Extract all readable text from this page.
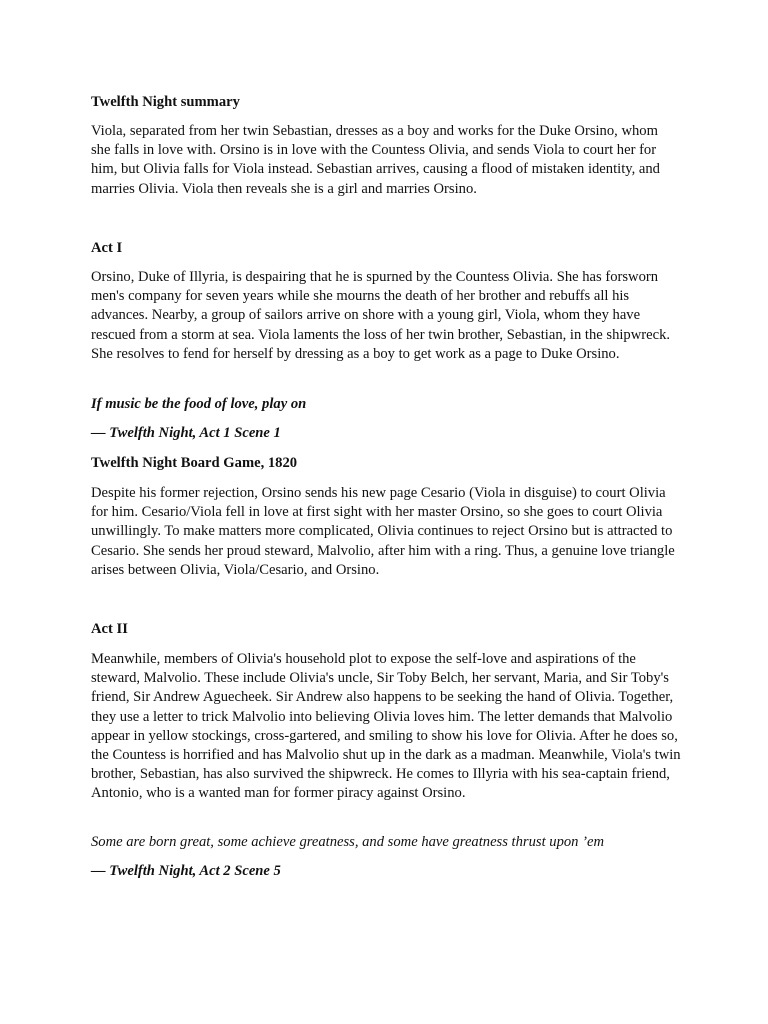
Twelfth Night summary

Viola, separated from her twin Sebastian, dresses as a boy and works for the Duke Orsino, whom she falls in love with. Orsino is in love with the Countess Olivia, and sends Viola to court her for him, but Olivia falls for Viola instead. Sebastian arrives, causing a flood of mistaken identity, and marries Olivia. Viola then reveals she is a girl and marries Orsino.

Act I

Orsino, Duke of Illyria, is despairing that he is spurned by the Countess Olivia. She has forsworn men's company for seven years while she mourns the death of her brother and rebuffs all his advances. Nearby, a group of sailors arrive on shore with a young girl, Viola, whom they have rescued from a storm at sea. Viola laments the loss of her twin brother, Sebastian, in the shipwreck. She resolves to fend for herself by dressing as a boy to get work as a page to Duke Orsino.

If music be the food of love, play on

— Twelfth Night, Act 1 Scene 1

Twelfth Night Board Game, 1820

Despite his former rejection, Orsino sends his new page Cesario (Viola in disguise) to court Olivia for him. Cesario/Viola fell in love at first sight with her master Orsino, so she goes to court Olivia unwillingly. To make matters more complicated, Olivia continues to reject Orsino but is attracted to Cesario. She sends her proud steward, Malvolio, after him with a ring. Thus, a genuine love triangle arises between Olivia, Viola/Cesario, and Orsino.

Act II

Meanwhile, members of Olivia's household plot to expose the self-love and aspirations of the steward, Malvolio. These include Olivia's uncle, Sir Toby Belch, her servant, Maria, and Sir Toby's friend, Sir Andrew Aguecheek. Sir Andrew also happens to be seeking the hand of Olivia. Together, they use a letter to trick Malvolio into believing Olivia loves him. The letter demands that Malvolio appear in yellow stockings, cross-gartered, and smiling to show his love for Olivia. After he does so, the Countess is horrified and has Malvolio shut up in the dark as a madman. Meanwhile, Viola's twin brother, Sebastian, has also survived the shipwreck. He comes to Illyria with his sea-captain friend, Antonio, who is a wanted man for former piracy against Orsino.

Some are born great, some achieve greatness, and some have greatness thrust upon ’em

— Twelfth Night, Act 2 Scene 5
